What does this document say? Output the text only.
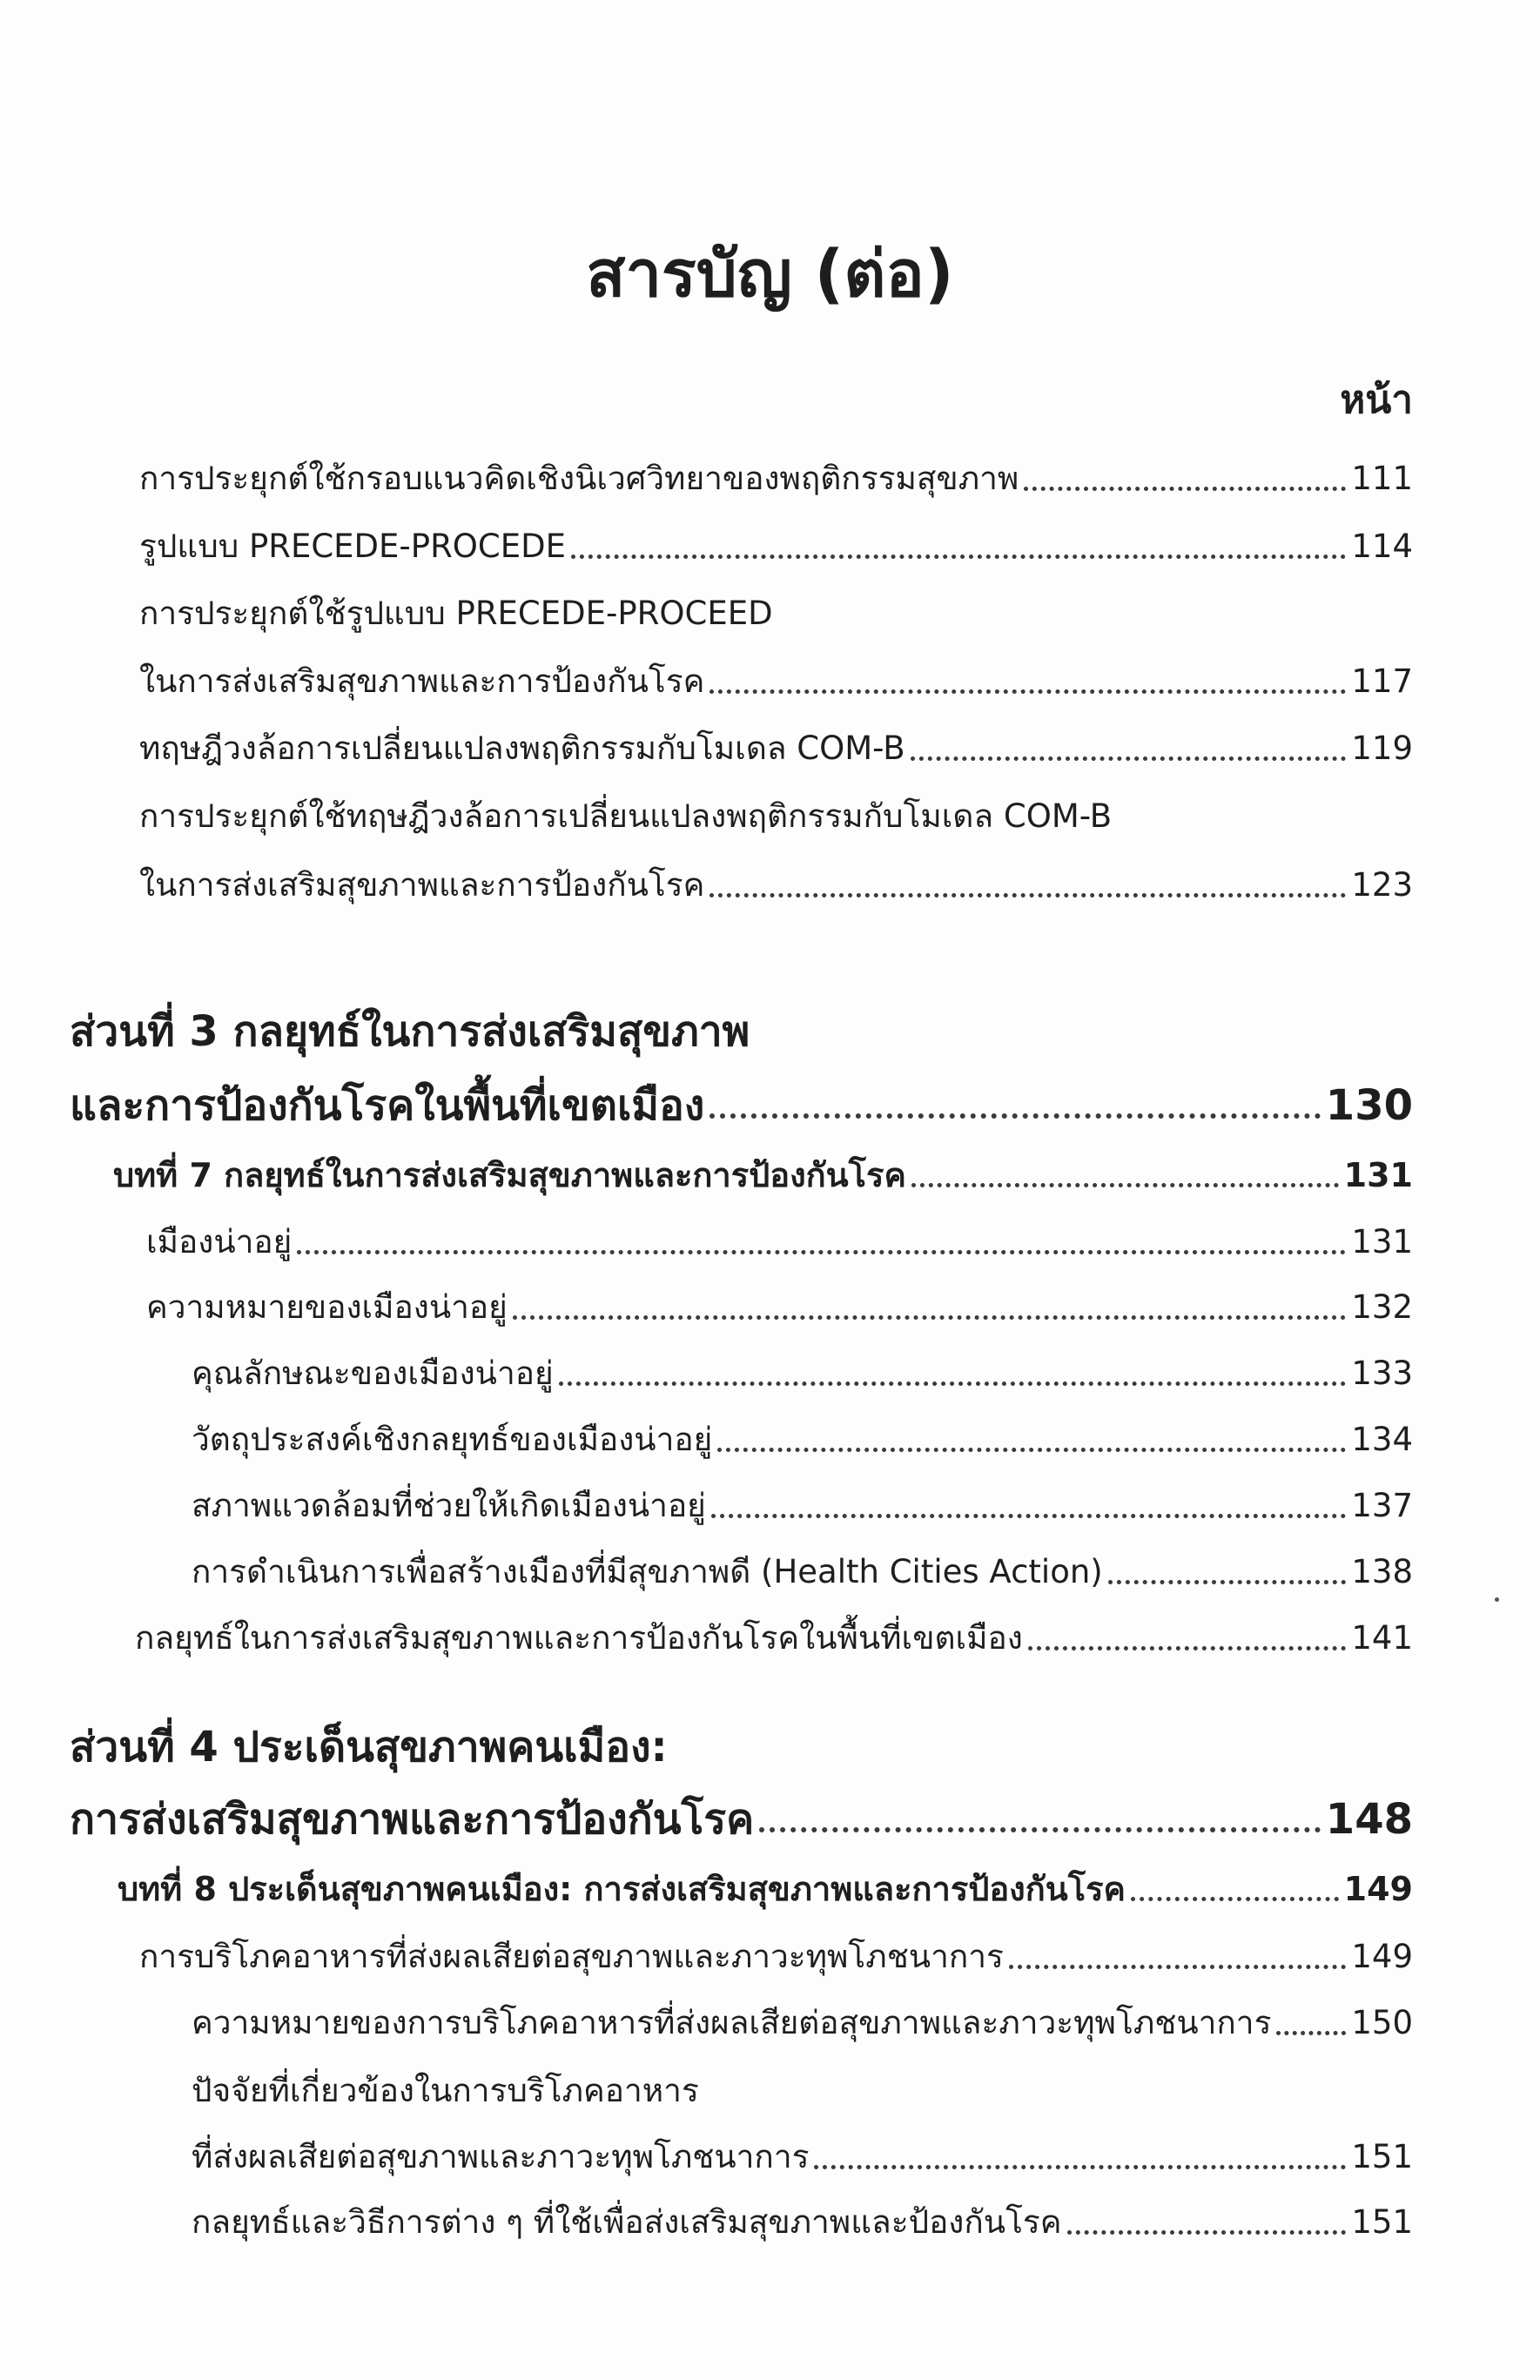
สารบัญ (ต่อ)
หน้า
การประยุกต์ใช้กรอบแนวคิดเชิงนิเวศวิทยาของพฤติกรรมสุขภาพ	111
รูปแบบ PRECEDE-PROCEDE	114
การประยุกต์ใช้รูปแบบ PRECEDE-PROCEED
ในการส่งเสริมสุขภาพและการป้องกันโรค	117
ทฤษฎีวงล้อการเปลี่ยนแปลงพฤติกรรมกับโมเดล COM-B	119
การประยุกต์ใช้ทฤษฎีวงล้อการเปลี่ยนแปลงพฤติกรรมกับโมเดล COM-B
ในการส่งเสริมสุขภาพและการป้องกันโรค	123
ส่วนที่ 3 กลยุทธ์ในการส่งเสริมสุขภาพ
และการป้องกันโรคในพื้นที่เขตเมือง	130
บทที่ 7 กลยุทธ์ในการส่งเสริมสุขภาพและการป้องกันโรค	131
เมืองน่าอยู่	131
ความหมายของเมืองน่าอยู่	132
คุณลักษณะของเมืองน่าอยู่	133
วัตถุประสงค์เชิงกลยุทธ์ของเมืองน่าอยู่	134
สภาพแวดล้อมที่ช่วยให้เกิดเมืองน่าอยู่	137
การดำเนินการเพื่อสร้างเมืองที่มีสุขภาพดี (Health Cities Action)	138
กลยุทธ์ในการส่งเสริมสุขภาพและการป้องกันโรคในพื้นที่เขตเมือง	141
ส่วนที่ 4 ประเด็นสุขภาพคนเมือง:
การส่งเสริมสุขภาพและการป้องกันโรค	148
บทที่ 8 ประเด็นสุขภาพคนเมือง: การส่งเสริมสุขภาพและการป้องกันโรค	149
การบริโภคอาหารที่ส่งผลเสียต่อสุขภาพและภาวะทุพโภชนาการ	149
ความหมายของการบริโภคอาหารที่ส่งผลเสียต่อสุขภาพและภาวะทุพโภชนาการ 150
ปัจจัยที่เกี่ยวข้องในการบริโภคอาหาร
ที่ส่งผลเสียต่อสุขภาพและภาวะทุพโภชนาการ	151
กลยุทธ์และวิธีการต่าง ๆ ที่ใช้เพื่อส่งเสริมสุขภาพและป้องกันโรค	151
